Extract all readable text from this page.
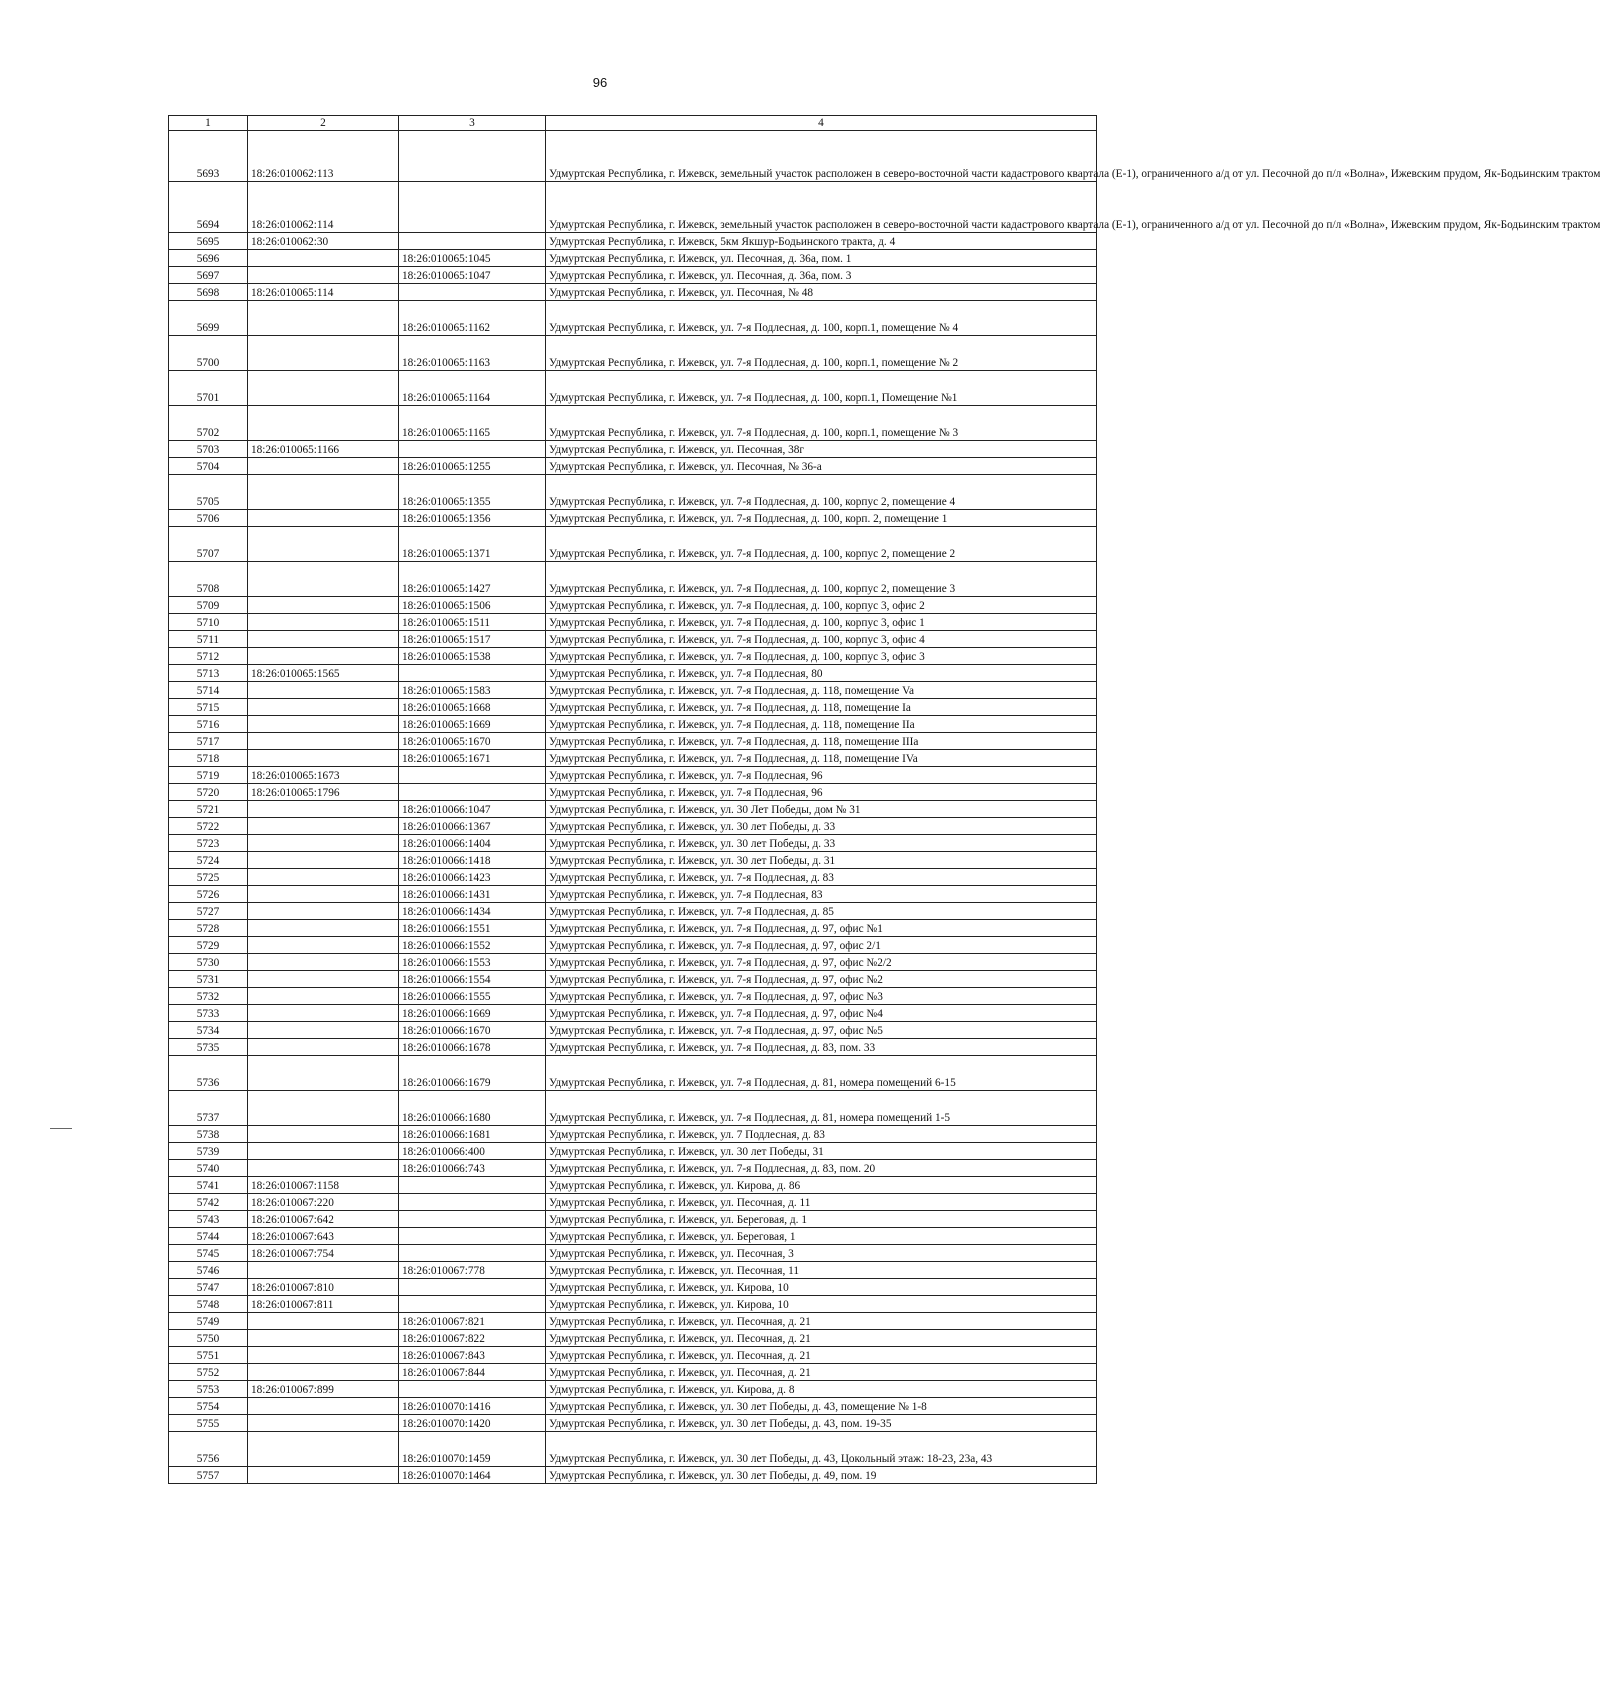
96
1	2	3	4
5693	18:26:010062:113		Удмуртская Республика, г. Ижевск, земельный участок расположен в северо-восточной части кадастрового квартала (Е-1), ограниченного а/д от ул. Песочной до п/л «Волна», Ижевским прудом, Як-Бодьинским трактом
5694	18:26:010062:114		Удмуртская Республика, г. Ижевск, земельный участок расположен в северо-восточной части кадастрового квартала (Е-1), ограниченного а/д от ул. Песочной до п/л «Волна», Ижевским прудом, Як-Бодьинским трактом
5695	18:26:010062:30		Удмуртская Республика, г. Ижевск, 5км Якшур-Бодьинского тракта, д. 4
5696		18:26:010065:1045	Удмуртская Республика, г. Ижевск, ул. Песочная, д. 36а, пом. 1
5697		18:26:010065:1047	Удмуртская Республика, г. Ижевск, ул. Песочная, д. 36а, пом. 3
5698	18:26:010065:114		Удмуртская Республика, г. Ижевск, ул. Песочная, № 48
5699		18:26:010065:1162	Удмуртская Республика, г. Ижевск, ул. 7-я Подлесная, д. 100, корп.1, помещение № 4
5700		18:26:010065:1163	Удмуртская Республика, г. Ижевск, ул. 7-я Подлесная, д. 100, корп.1, помещение № 2
5701		18:26:010065:1164	Удмуртская Республика, г. Ижевск, ул. 7-я Подлесная, д. 100, корп.1, Помещение №1
5702		18:26:010065:1165	Удмуртская Республика, г. Ижевск, ул. 7-я Подлесная, д. 100, корп.1, помещение № 3
5703	18:26:010065:1166		Удмуртская Республика, г. Ижевск, ул. Песочная, 38г
5704		18:26:010065:1255	Удмуртская Республика, г. Ижевск, ул. Песочная, № 36-а
5705		18:26:010065:1355	Удмуртская Республика, г. Ижевск, ул. 7-я Подлесная, д. 100, корпус 2, помещение 4
5706		18:26:010065:1356	Удмуртская Республика, г. Ижевск, ул. 7-я Подлесная, д. 100, корп. 2, помещение 1
5707		18:26:010065:1371	Удмуртская Республика, г. Ижевск, ул. 7-я Подлесная, д. 100, корпус 2, помещение 2
5708		18:26:010065:1427	Удмуртская Республика, г. Ижевск, ул. 7-я Подлесная, д. 100, корпус 2, помещение 3
5709		18:26:010065:1506	Удмуртская Республика, г. Ижевск, ул. 7-я Подлесная, д. 100, корпус 3, офис 2
5710		18:26:010065:1511	Удмуртская Республика, г. Ижевск, ул. 7-я Подлесная, д. 100, корпус 3, офис 1
5711		18:26:010065:1517	Удмуртская Республика, г. Ижевск, ул. 7-я Подлесная, д. 100, корпус 3, офис 4
5712		18:26:010065:1538	Удмуртская Республика, г. Ижевск, ул. 7-я Подлесная, д. 100, корпус 3, офис 3
5713	18:26:010065:1565		Удмуртская Республика, г. Ижевск, ул. 7-я Подлесная, 80
5714		18:26:010065:1583	Удмуртская Республика, г. Ижевск, ул. 7-я Подлесная, д. 118, помещение Va
5715		18:26:010065:1668	Удмуртская Республика, г. Ижевск, ул. 7-я Подлесная, д. 118, помещение Ia
5716		18:26:010065:1669	Удмуртская Республика, г. Ижевск, ул. 7-я Подлесная, д. 118, помещение IIa
5717		18:26:010065:1670	Удмуртская Республика, г. Ижевск, ул. 7-я Подлесная, д. 118, помещение IIIa
5718		18:26:010065:1671	Удмуртская Республика, г. Ижевск, ул. 7-я Подлесная, д. 118, помещение IVa
5719	18:26:010065:1673		Удмуртская Республика, г. Ижевск, ул. 7-я Подлесная, 96
5720	18:26:010065:1796		Удмуртская Республика, г. Ижевск, ул. 7-я Подлесная, 96
5721		18:26:010066:1047	Удмуртская Республика, г. Ижевск, ул. 30 Лет Победы, дом № 31
5722		18:26:010066:1367	Удмуртская Республика, г. Ижевск, ул. 30 лет Победы, д. 33
5723		18:26:010066:1404	Удмуртская Республика, г. Ижевск, ул. 30 лет Победы, д. 33
5724		18:26:010066:1418	Удмуртская Республика, г. Ижевск, ул. 30 лет Победы, д. 31
5725		18:26:010066:1423	Удмуртская Республика, г. Ижевск, ул. 7-я Подлесная, д. 83
5726		18:26:010066:1431	Удмуртская Республика, г. Ижевск, ул. 7-я Подлесная, 83
5727		18:26:010066:1434	Удмуртская Республика, г. Ижевск, ул. 7-я Подлесная, д. 85
5728		18:26:010066:1551	Удмуртская Республика, г. Ижевск, ул. 7-я Подлесная, д. 97, офис №1
5729		18:26:010066:1552	Удмуртская Республика, г. Ижевск, ул. 7-я Подлесная, д. 97, офис 2/1
5730		18:26:010066:1553	Удмуртская Республика, г. Ижевск, ул. 7-я Подлесная, д. 97, офис №2/2
5731		18:26:010066:1554	Удмуртская Республика, г. Ижевск, ул. 7-я Подлесная, д. 97, офис №2
5732		18:26:010066:1555	Удмуртская Республика, г. Ижевск, ул. 7-я Подлесная, д. 97, офис №3
5733		18:26:010066:1669	Удмуртская Республика, г. Ижевск, ул. 7-я Подлесная, д. 97, офис №4
5734		18:26:010066:1670	Удмуртская Республика, г. Ижевск, ул. 7-я Подлесная, д. 97, офис №5
5735		18:26:010066:1678	Удмуртская Республика, г. Ижевск, ул. 7-я Подлесная, д. 83, пом. 33
5736		18:26:010066:1679	Удмуртская Республика, г. Ижевск, ул. 7-я Подлесная, д. 81, номера помещений 6-15
5737		18:26:010066:1680	Удмуртская Республика, г. Ижевск, ул. 7-я Подлесная, д. 81, номера помещений 1-5
5738		18:26:010066:1681	Удмуртская Республика, г. Ижевск, ул. 7 Подлесная, д. 83
5739		18:26:010066:400	Удмуртская Республика, г. Ижевск, ул. 30 лет Победы, 31
5740		18:26:010066:743	Удмуртская Республика, г. Ижевск, ул. 7-я Подлесная, д. 83, пом. 20
5741	18:26:010067:1158		Удмуртская Республика, г. Ижевск, ул. Кирова, д. 86
5742	18:26:010067:220		Удмуртская Республика, г. Ижевск, ул. Песочная, д. 11
5743	18:26:010067:642		Удмуртская Республика, г. Ижевск, ул. Береговая, д. 1
5744	18:26:010067:643		Удмуртская Республика, г. Ижевск, ул. Береговая, 1
5745	18:26:010067:754		Удмуртская Республика, г. Ижевск, ул. Песочная, 3
5746		18:26:010067:778	Удмуртская Республика, г. Ижевск, ул. Песочная, 11
5747	18:26:010067:810		Удмуртская Республика, г. Ижевск, ул. Кирова, 10
5748	18:26:010067:811		Удмуртская Республика, г. Ижевск, ул. Кирова, 10
5749		18:26:010067:821	Удмуртская Республика, г. Ижевск, ул. Песочная, д. 21
5750		18:26:010067:822	Удмуртская Республика, г. Ижевск, ул. Песочная, д. 21
5751		18:26:010067:843	Удмуртская Республика, г. Ижевск, ул. Песочная, д. 21
5752		18:26:010067:844	Удмуртская Республика, г. Ижевск, ул. Песочная, д. 21
5753	18:26:010067:899		Удмуртская Республика, г. Ижевск, ул. Кирова, д. 8
5754		18:26:010070:1416	Удмуртская Республика, г. Ижевск, ул. 30 лет Победы, д. 43, помещение № 1-8
5755		18:26:010070:1420	Удмуртская Республика, г. Ижевск, ул. 30 лет Победы, д. 43, пом. 19-35
5756		18:26:010070:1459	Удмуртская Республика, г. Ижевск, ул. 30 лет Победы, д. 43, Цокольный этаж: 18-23, 23а, 43
5757		18:26:010070:1464	Удмуртская Республика, г. Ижевск, ул. 30 лет Победы, д. 49, пом. 19
